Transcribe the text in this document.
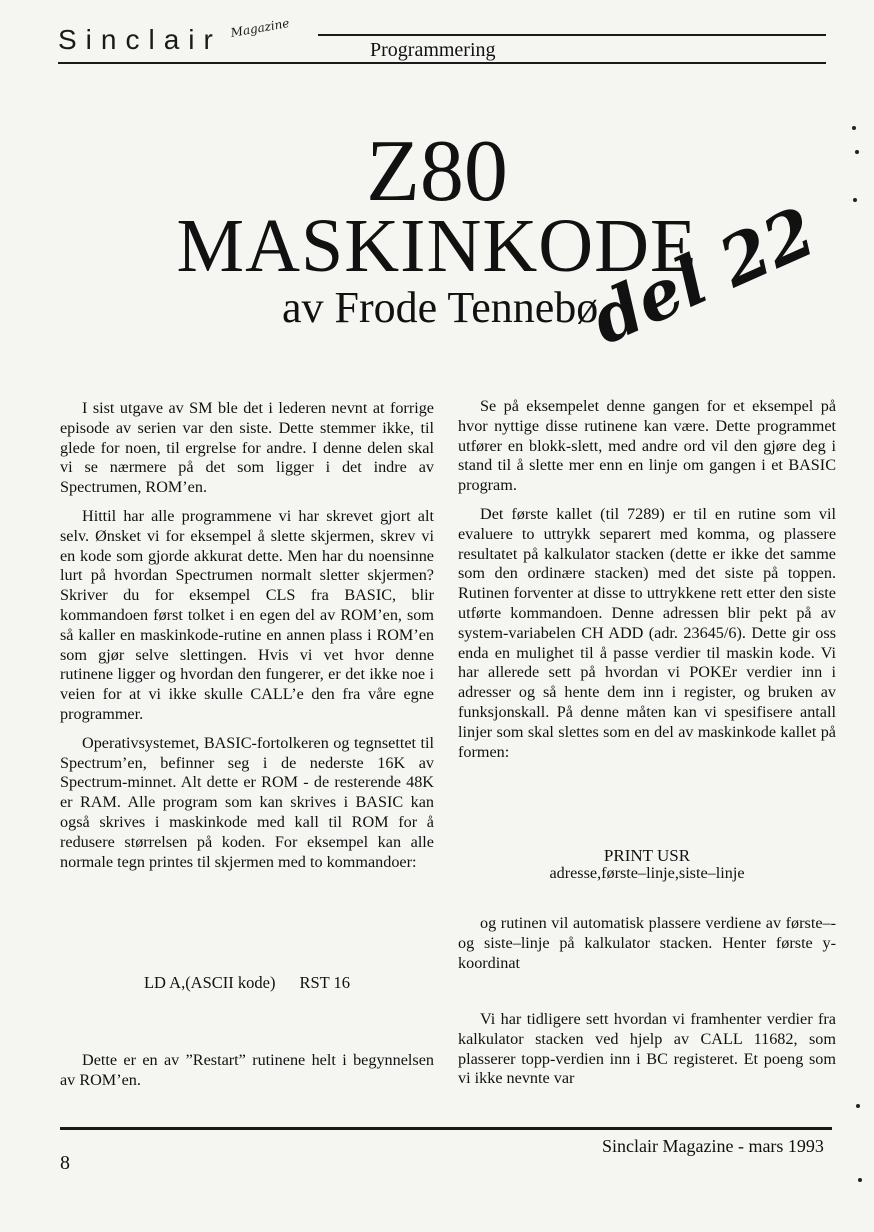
Sinclair Magazine
Programmering
Z80
MASKINKODE
av Frode Tennebø
del 22

I sist utgave av SM ble det i lederen nevnt at forrige episode av serien var den siste. Dette stemmer ikke, til glede for noen, til ergrelse for andre. I denne delen skal vi se nærmere på det som ligger i det indre av Spectrumen, ROM’en.

Hittil har alle programmene vi har skrevet gjort alt selv. Ønsket vi for eksempel å slette skjermen, skrev vi en kode som gjorde akkurat dette. Men har du noensinne lurt på hvordan Spectrumen normalt sletter skjermen? Skriver du for eksempel CLS fra BASIC, blir kommandoen først tolket i en egen del av ROM’en, som så kaller en maskinkode-rutine en annen plass i ROM’en som gjør selve slettingen. Hvis vi vet hvor denne rutinene ligger og hvordan den fungerer, er det ikke noe i veien for at vi ikke skulle CALL’e den fra våre egne programmer.

Operativsystemet, BASIC-fortolkeren og tegnsettet til Spectrum’en, befinner seg i de nederste 16K av Spectrum-minnet. Alt dette er ROM - de resterende 48K er RAM. Alle program som kan skrives i BASIC kan også skrives i maskinkode med kall til ROM for å redusere størrelsen på koden. For eksempel kan alle normale tegn printes til skjermen med to kommandoer:

LD A,(ASCII kode) RST 16

Dette er en av ”Restart” rutinene helt i begynnelsen av ROM’en.

Se på eksempelet denne gangen for et eksempel på hvor nyttige disse rutinene kan være. Dette programmet utfører en blokk-slett, med andre ord vil den gjøre deg i stand til å slette mer enn en linje om gangen i et BASIC program.

Det første kallet (til 7289) er til en rutine som vil evaluere to uttrykk separert med komma, og plassere resultatet på kalkulator stacken (dette er ikke det samme som den ordinære stacken) med det siste på toppen. Rutinen forventer at disse to uttrykkene rett etter den siste utførte kommandoen. Denne adressen blir pekt på av system-variabelen CH ADD (adr. 23645/6). Dette gir oss enda en mulighet til å passe verdier til maskin kode. Vi har allerede sett på hvordan vi POKEr verdier inn i adresser og så hente dem inn i register, og bruken av funksjonskall. På denne måten kan vi spesifisere antall linjer som skal slettes som en del av maskinkode kallet på formen:

PRINT USR
adresse,første–linje,siste–linje

og rutinen vil automatisk plassere verdiene av første–- og siste–linje på kalkulator stacken. Henter første y-koordinat

Vi har tidligere sett hvordan vi framhenter verdier fra kalkulator stacken ved hjelp av CALL 11682, som plasserer topp-verdien inn i BC registeret. Et poeng som vi ikke nevnte var

8
Sinclair Magazine - mars 1993
